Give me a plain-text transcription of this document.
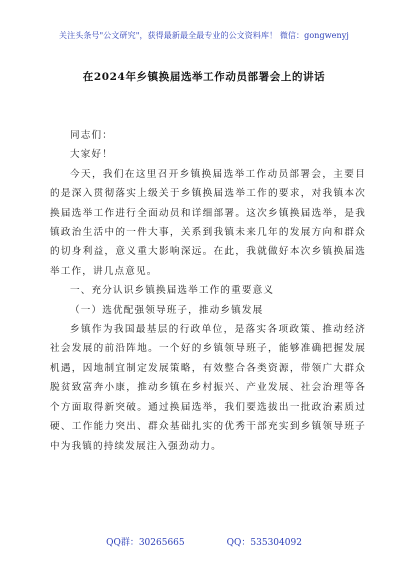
关注头条号"公文研究"，获得最新最全最专业的公文资料库！ 微信：gongwenyj
在2024年乡镇换届选举工作动员部署会上的讲话

同志们：

大家好！

今天，我们在这里召开乡镇换届选举工作动员部署会，主要目的是深入贯彻落实上级关于乡镇换届选举工作的要求，对我镇本次换届选举工作进行全面动员和详细部署。这次乡镇换届选举，是我镇政治生活中的一件大事，关系到我镇未来几年的发展方向和群众的切身利益，意义重大影响深远。在此，我就做好本次乡镇换届选举工作，讲几点意见。

一、充分认识乡镇换届选举工作的重要意义

（一）选优配强领导班子，推动乡镇发展

乡镇作为我国最基层的行政单位，是落实各项政策、推动经济社会发展的前沿阵地。一个好的乡镇领导班子，能够准确把握发展机遇，因地制宜制定发展策略，有效整合各类资源，带领广大群众脱贫致富奔小康，推动乡镇在乡村振兴、产业发展、社会治理等各个方面取得新突破。通过换届选举，我们要选拔出一批政治素质过硬、工作能力突出、群众基础扎实的优秀干部充实到乡镇领导班子中为我镇的持续发展注入强劲动力。

QQ群：30265665	QQ：535304092
